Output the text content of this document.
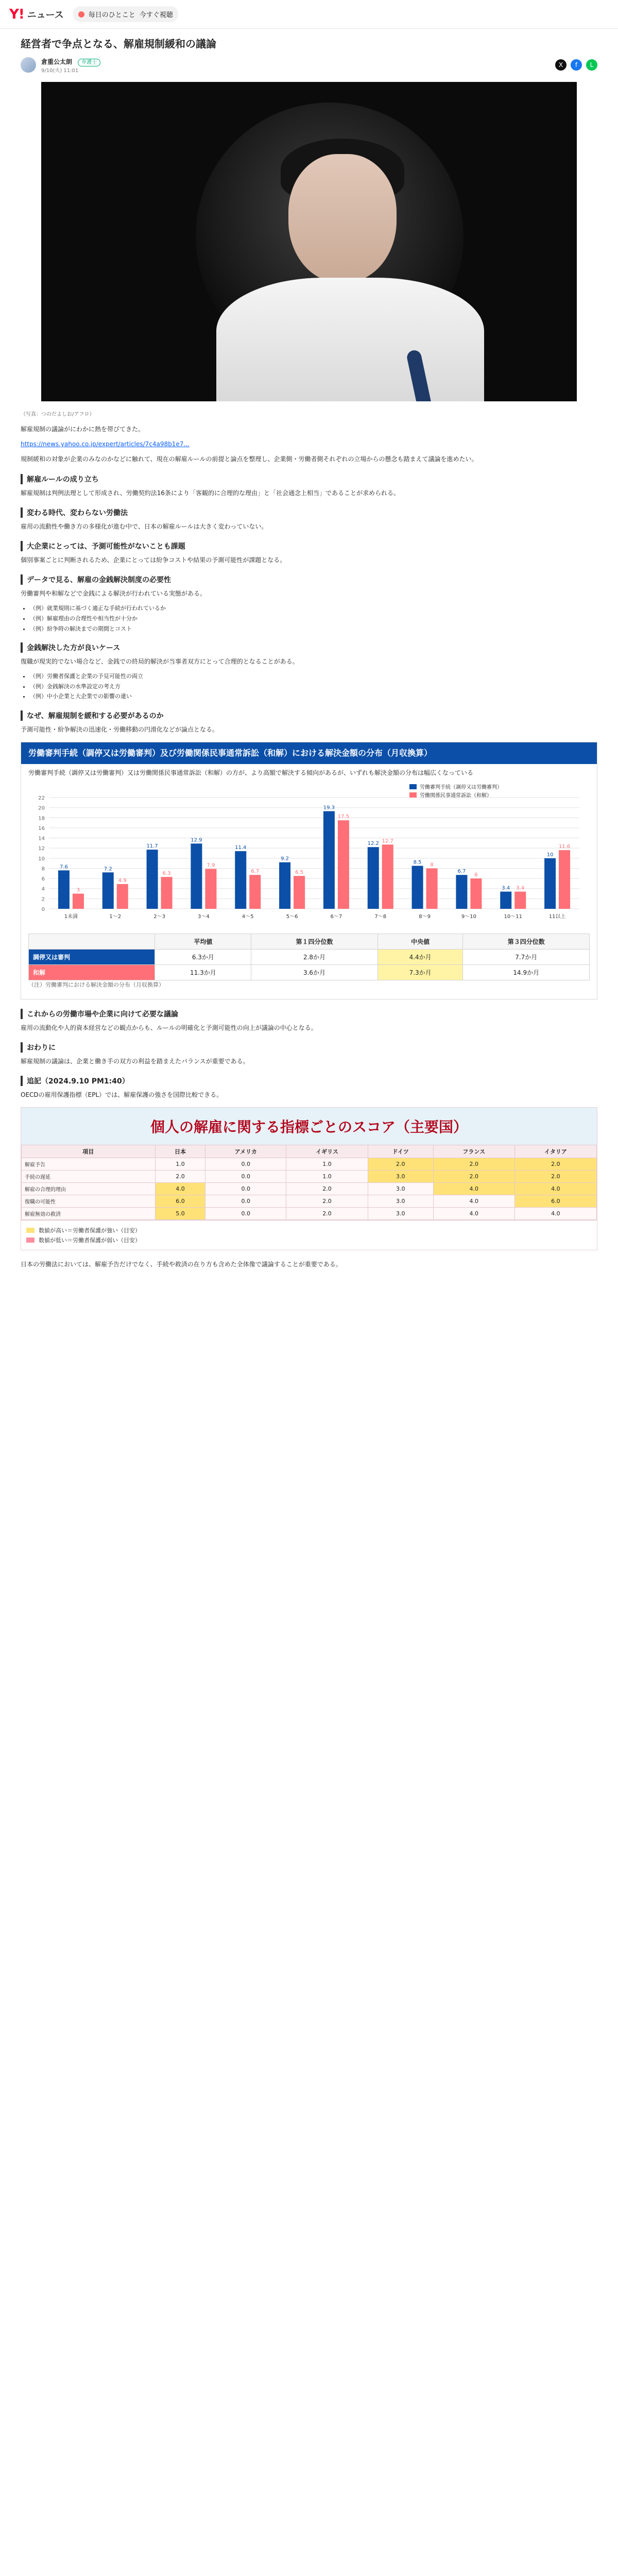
Y! ニュース	毎日のひとこと 今すぐ視聴
経営者で争点となる、解雇規制緩和の議論
倉重公太朗 弁護士
9/10(火) 11:01
X f L
（写真：つのだよしお/アフロ）

解雇規制の議論がにわかに熱を帯びてきた。

https://news.yahoo.co.jp/expert/articles/7c4a98b1e7...

規制緩和の対象が企業のみなのかなどに触れて、現在の解雇ルールの前提と論点を整理し、企業側・労働者側それぞれの立場からの懸念も踏まえて議論を進めたい。

解雇ルールの成り立ち

解雇規制は判例法理として形成され、労働契約法16条により「客観的に合理的な理由」と「社会通念上相当」であることが求められる。

変わる時代、変わらない労働法

雇用の流動性や働き方の多様化が進む中で、日本の解雇ルールは大きく変わっていない。

大企業にとっては、予測可能性がないことも課題

個別事案ごとに判断されるため、企業にとっては紛争コストや結果の予測可能性が課題となる。

データで見る、解雇の金銭解決制度の必要性

労働審判や和解などで金銭による解決が行われている実態がある。

• （例）就業規則に基づく適正な手続が行われているか
• （例）解雇理由の合理性や相当性が十分か
• （例）紛争時の解決までの期間とコスト
金銭解決した方が良いケース

復職が現実的でない場合など、金銭での終局的解決が当事者双方にとって合理的となることがある。

• （例）労働者保護と企業の予見可能性の両立
• （例）金銭解決の水準設定の考え方
• （例）中小企業と大企業での影響の違い
なぜ、解雇規制を緩和する必要があるのか

予測可能性・紛争解決の迅速化・労働移動の円滑化などが論点となる。

労働審判手続（調停又は労働審判）及び労働関係民事通常訴訟（和解）における解決金額の分布（月収換算）
労働審判手続（調停又は労働審判）又は労働関係民事通常訴訟（和解）の方が、より高額で解決する傾向があるが、いずれも解決金額の分布は幅広くなっている
0
2
4
6
8
10
12
14
16
18
20
22
7.6
3
1未満
7.2
4.9
1〜2
11.7
6.3
2〜3
12.9
7.9
3〜4
11.4
6.7
4〜5
9.2
6.5
5〜6
19.3
17.5
6〜7
12.2 12.7
7〜8
8.5 8
8〜9
6.7
6
9〜10
3.4 3.4
10〜11
10
11.6
11以上
労働審判手続（調停又は労働審判）
労働関係民事通常訴訟（和解）
	平均値	第１四分位数	中央値	第３四分位数
調停又は審判	6.3か月	2.8か月	4.4か月	7.7か月
和解	11.3か月	3.6か月	7.3か月	14.9か月
（注）労働審判における解決金額の分布（月収換算）
これからの労働市場や企業に向けて必要な議論

雇用の流動化や人的資本経営などの観点からも、ルールの明確化と予測可能性の向上が議論の中心となる。

おわりに

解雇規制の議論は、企業と働き手の双方の利益を踏まえたバランスが重要である。

追記（2024.9.10 PM1:40）

OECDの雇用保護指標（EPL）では、解雇保護の強さを国際比較できる。

個人の解雇に関する指標ごとのスコア（主要国）
項目	日本	アメリカ	イギリス	ドイツ	フランス	イタリア
解雇予告	1.0	0.0	1.0	2.0	2.0	2.0
手続の遅延	2.0	0.0	1.0	3.0	2.0	2.0
解雇の合理的理由	4.0	0.0	2.0	3.0	4.0	4.0
復職の可能性	6.0	0.0	2.0	3.0	4.0	6.0
解雇無効の救済	5.0	0.0	2.0	3.0	4.0	4.0
数値が高い＝労働者保護が強い（目安）
数値が低い＝労働者保護が弱い（目安）

日本の労働法においては、解雇予告だけでなく、手続や救済の在り方も含めた全体像で議論することが重要である。
